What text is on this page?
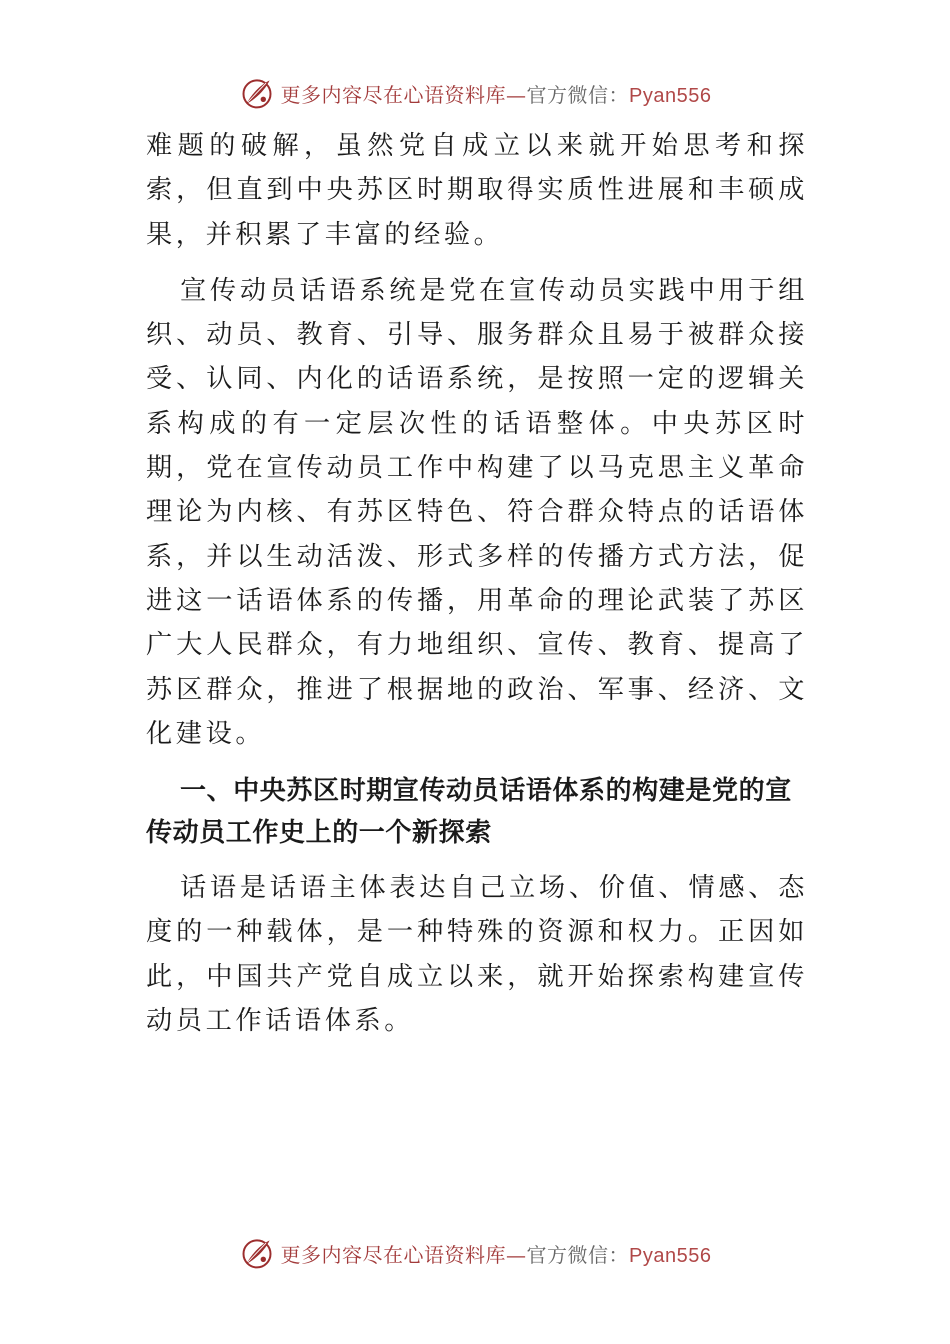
更多内容尽在心语资料库—官方微信：Pyan556

难题的破解，虽然党自成立以来就开始思考和探索，但直到中央苏区时期取得实质性进展和丰硕成果，并积累了丰富的经验。

宣传动员话语系统是党在宣传动员实践中用于组织、动员、教育、引导、服务群众且易于被群众接受、认同、内化的话语系统，是按照一定的逻辑关系构成的有一定层次性的话语整体。中央苏区时期，党在宣传动员工作中构建了以马克思主义革命理论为内核、有苏区特色、符合群众特点的话语体系，并以生动活泼、形式多样的传播方式方法，促进这一话语体系的传播，用革命的理论武装了苏区广大人民群众，有力地组织、宣传、教育、提高了苏区群众，推进了根据地的政治、军事、经济、文化建设。

一、中央苏区时期宣传动员话语体系的构建是党的宣传动员工作史上的一个新探索

话语是话语主体表达自己立场、价值、情感、态度的一种载体，是一种特殊的资源和权力。正因如此，中国共产党自成立以来，就开始探索构建宣传动员工作话语体系。

更多内容尽在心语资料库—官方微信：Pyan556
